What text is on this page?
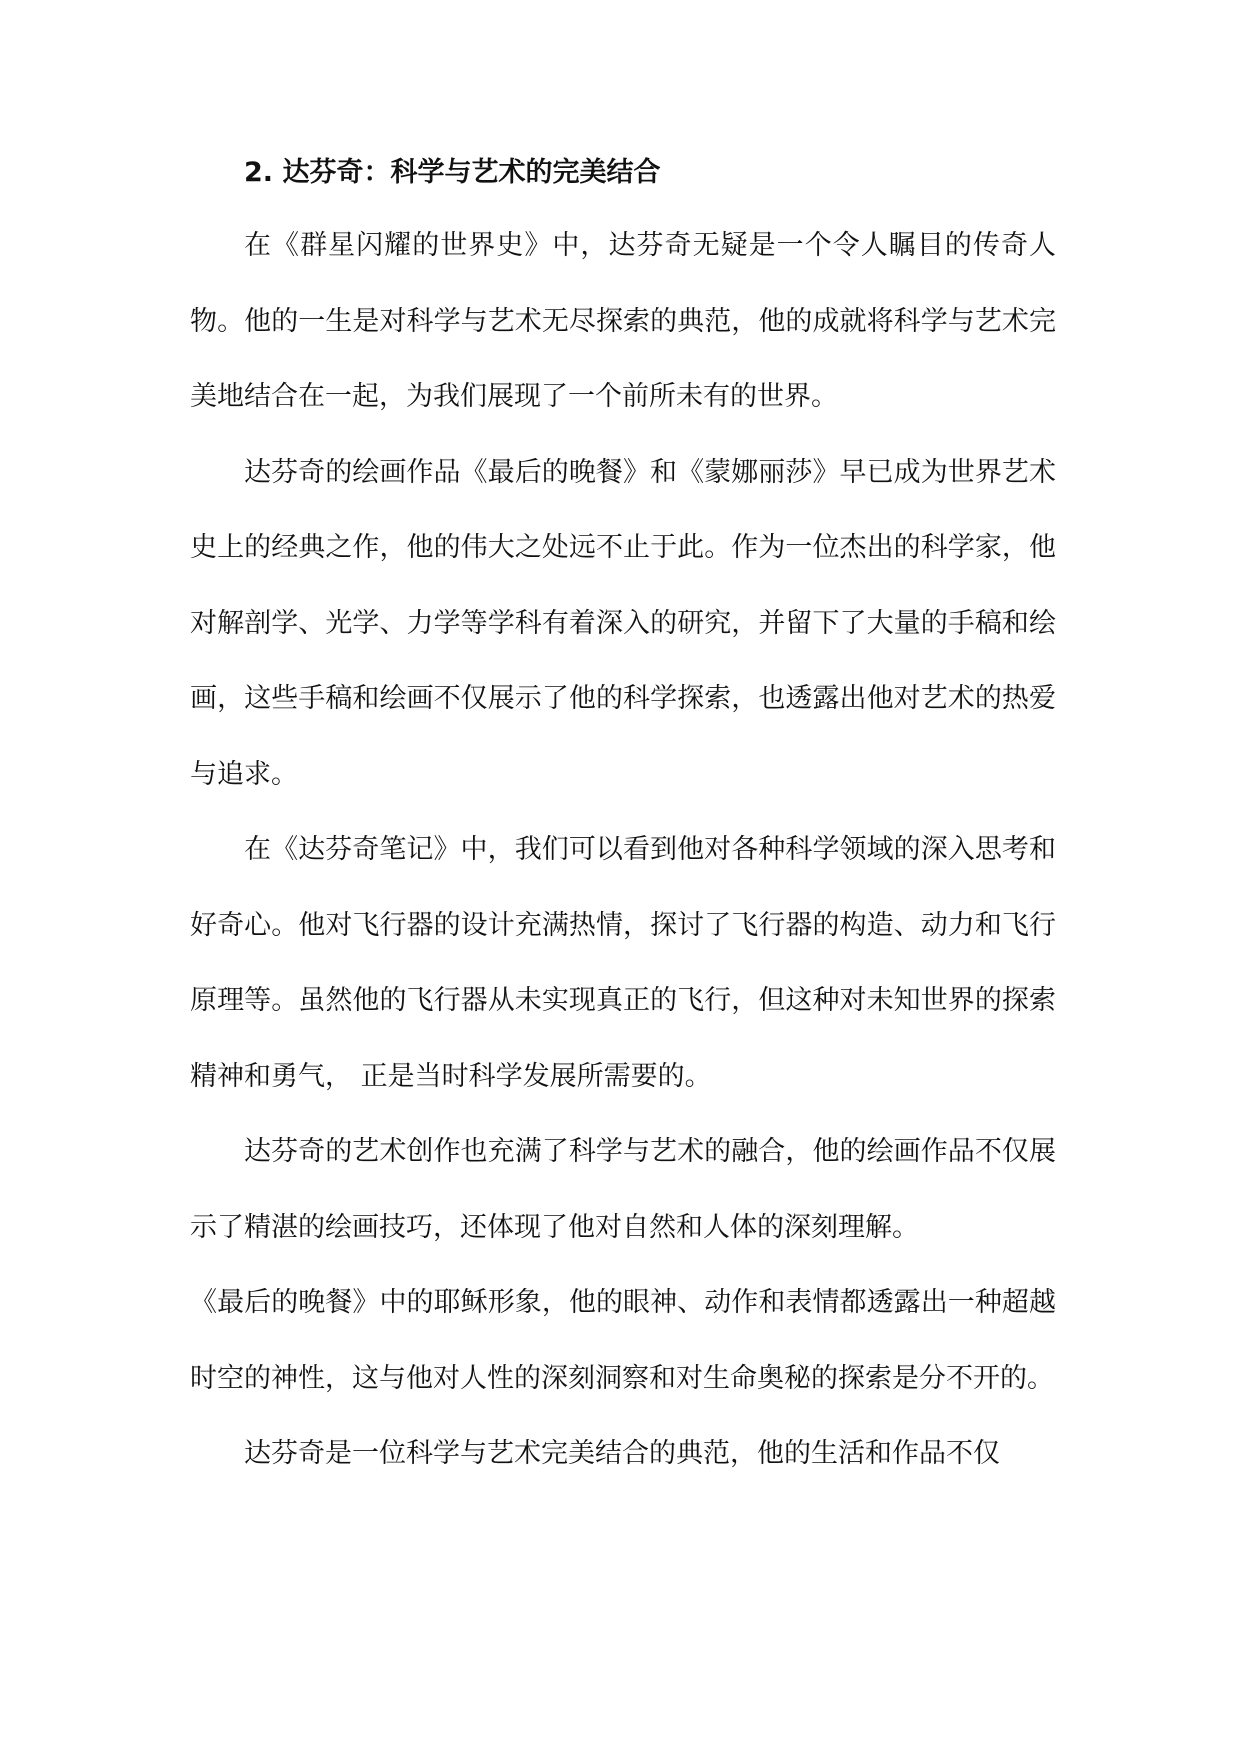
2. 达芬奇：科学与艺术的完美结合

在《群星闪耀的世界史》中，达芬奇无疑是一个令人瞩目的传奇人物。他的一生是对科学与艺术无尽探索的典范，他的成就将科学与艺术完美地结合在一起，为我们展现了一个前所未有的世界。

达芬奇的绘画作品《最后的晚餐》和《蒙娜丽莎》早已成为世界艺术史上的经典之作，他的伟大之处远不止于此。作为一位杰出的科学家，他对解剖学、光学、力学等学科有着深入的研究，并留下了大量的手稿和绘画，这些手稿和绘画不仅展示了他的科学探索，也透露出他对艺术的热爱与追求。

在《达芬奇笔记》中，我们可以看到他对各种科学领域的深入思考和好奇心。他对飞行器的设计充满热情，探讨了飞行器的构造、动力和飞行原理等。虽然他的飞行器从未实现真正的飞行，但这种对未知世界的探索精神和勇气， 正是当时科学发展所需要的。

达芬奇的艺术创作也充满了科学与艺术的融合，他的绘画作品不仅展示了精湛的绘画技巧，还体现了他对自然和人体的深刻理解。

《最后的晚餐》中的耶稣形象，他的眼神、动作和表情都透露出一种超越时空的神性，这与他对人性的深刻洞察和对生命奥秘的探索是分不开的。

达芬奇是一位科学与艺术完美结合的典范，他的生活和作品不仅
